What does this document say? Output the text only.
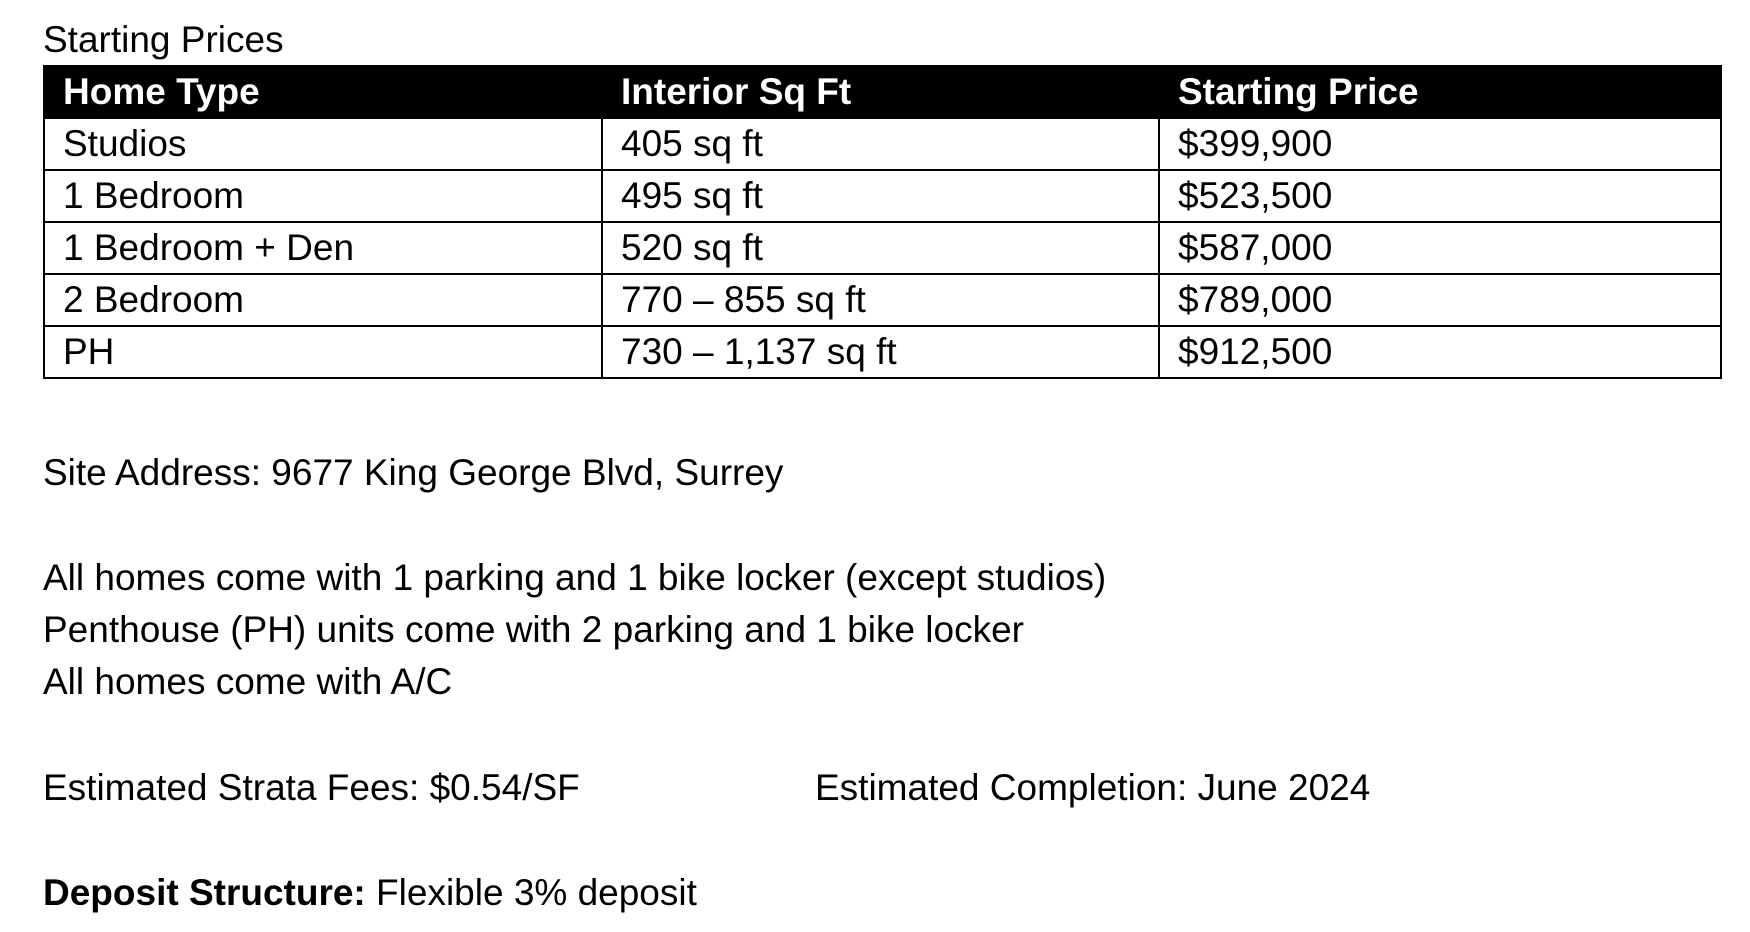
Starting Prices
Home Type	Interior Sq Ft	Starting Price
Studios	405 sq ft	$399,900
1 Bedroom	495 sq ft	$523,500
1 Bedroom + Den	520 sq ft	$587,000
2 Bedroom	770 – 855 sq ft	$789,000
PH	730 – 1,137 sq ft	$912,500
Site Address: 9677 King George Blvd, Surrey
All homes come with 1 parking and 1 bike locker (except studios)
Penthouse (PH) units come with 2 parking and 1 bike locker
All homes come with A/C
Estimated Strata Fees: $0.54/SF	Estimated Completion: June 2024
Deposit Structure: Flexible 3% deposit
